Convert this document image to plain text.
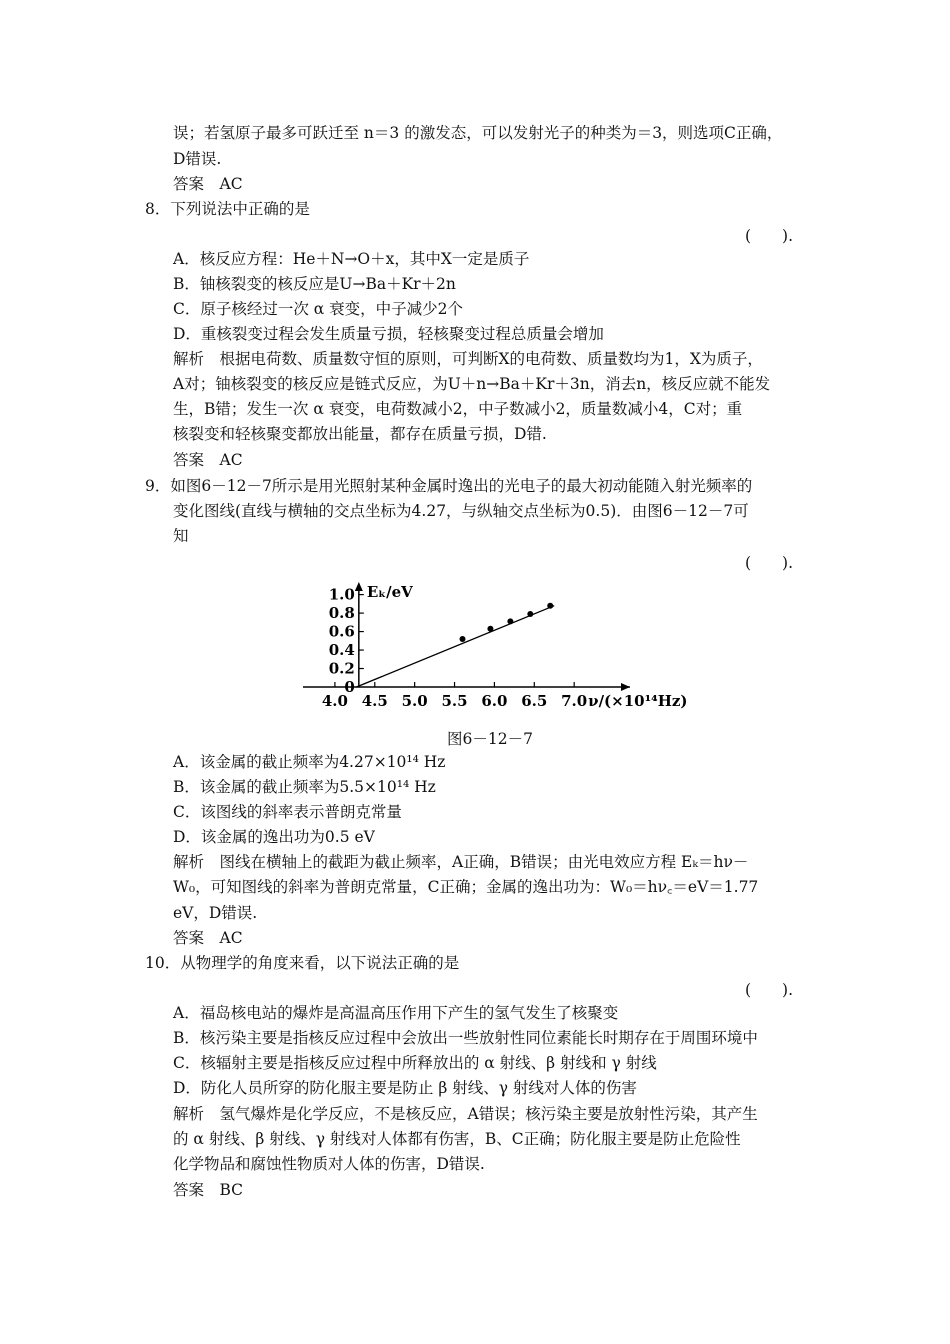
误；若氢原子最多可跃迁至 n＝3 的激发态，可以发射光子的种类为＝3，则选项C正确，
D错误.
答案　AC
8．下列说法中正确的是
(　　).
A．核反应方程：He＋N→O＋x，其中X一定是质子
B．铀核裂变的核反应是U→Ba＋Kr＋2n
C．原子核经过一次 α 衰变，中子减少2个
D．重核裂变过程会发生质量亏损，轻核聚变过程总质量会增加
解析　根据电荷数、质量数守恒的原则，可判断X的电荷数、质量数均为1，X为质子，
A对；铀核裂变的核反应是链式反应，为U＋n→Ba＋Kr＋3n，消去n，核反应就不能发
生，B错；发生一次 α 衰变，电荷数减小2，中子数减小2，质量数减小4，C对；重
核裂变和轻核聚变都放出能量，都存在质量亏损，D错.
答案　AC
9．如图6－12－7所示是用光照射某种金属时逸出的光电子的最大初动能随入射光频率的
变化图线(直线与横轴的交点坐标为4.27，与纵轴交点坐标为0.5)．由图6－12－7可
知
(　　).
1.0
0.8
0.6
0.4
0.2
0
4.0 4.5 5.0 5.5 6.0 6.5 7.0
Eₖ/eV
ν/(×10¹⁴Hz)
图6－12－7
A．该金属的截止频率为4.27×10¹⁴ Hz
B．该金属的截止频率为5.5×10¹⁴ Hz
C．该图线的斜率表示普朗克常量
D．该金属的逸出功为0.5 eV
解析　图线在横轴上的截距为截止频率，A正确，B错误；由光电效应方程 Eₖ＝hν－
W₀，可知图线的斜率为普朗克常量，C正确；金属的逸出功为：W₀＝hν꜀＝eV＝1.77
eV，D错误.
答案　AC
10．从物理学的角度来看，以下说法正确的是
(　　).
A．福岛核电站的爆炸是高温高压作用下产生的氢气发生了核聚变
B．核污染主要是指核反应过程中会放出一些放射性同位素能长时期存在于周围环境中
C．核辐射主要是指核反应过程中所释放出的 α 射线、β 射线和 γ 射线
D．防化人员所穿的防化服主要是防止 β 射线、γ 射线对人体的伤害
解析　氢气爆炸是化学反应，不是核反应，A错误；核污染主要是放射性污染，其产生
的 α 射线、β 射线、γ 射线对人体都有伤害，B、C正确；防化服主要是防止危险性
化学物品和腐蚀性物质对人体的伤害，D错误.
答案　BC
